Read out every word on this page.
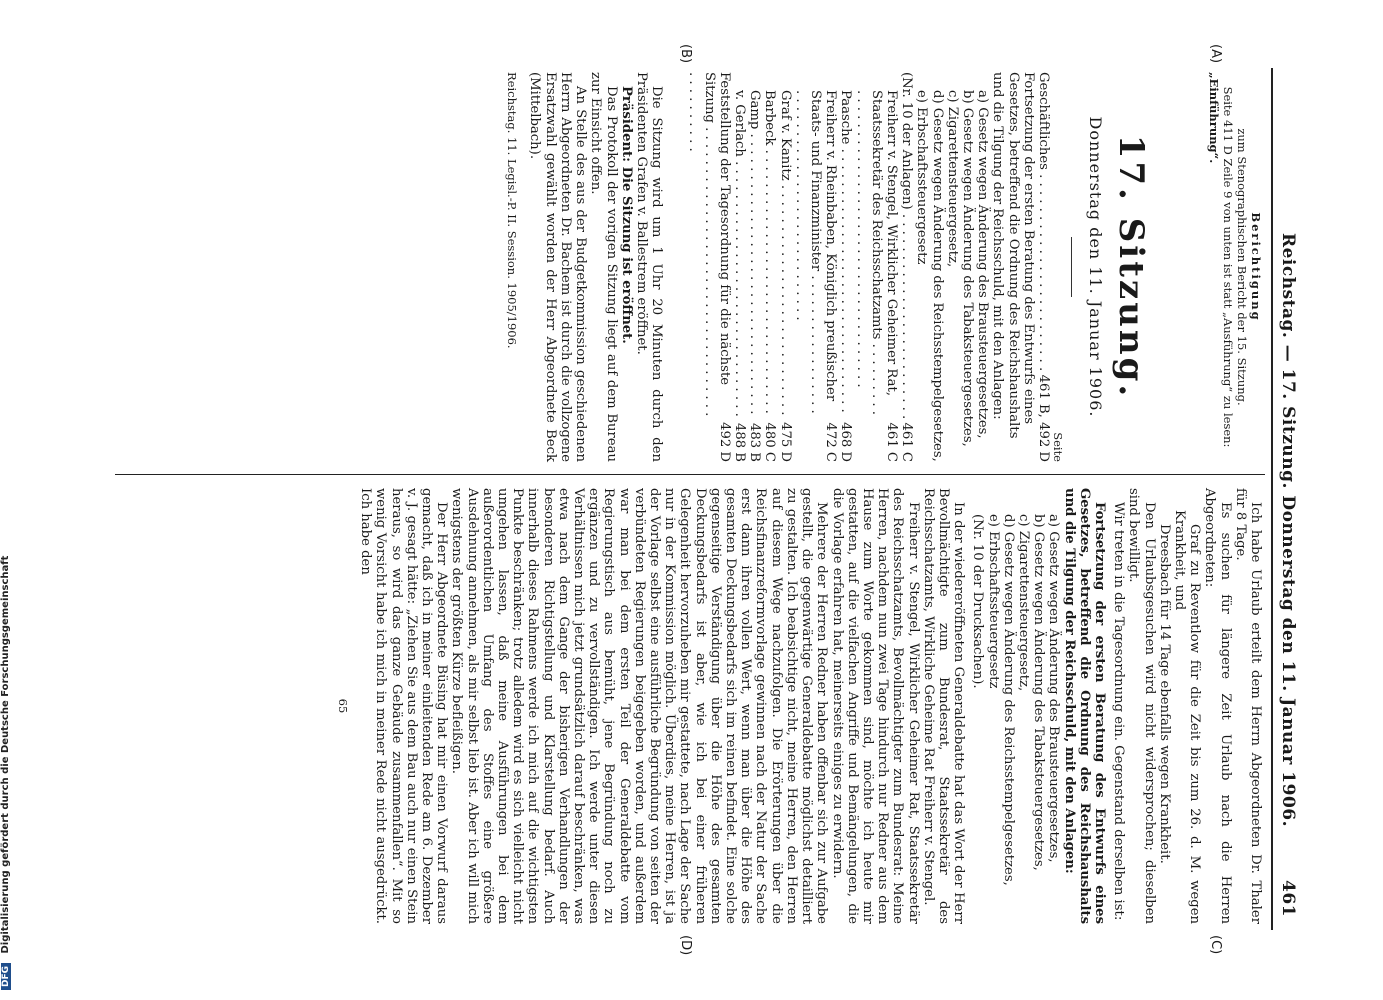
Reichstag. — 17. Sitzung. Donnerstag den 11. Januar 1906.
461
(A)
(B)
(C)
(D)
Berichtigung
zum Stenographischen Bericht der 15. Sitzung.
Seite 411 D Zeile 9 von unten ist statt „Ausführung“ zu lesen:
„Einführung“.
17. Sitzung.
Donnerstag den 11. Januar 1906.
Seite
Geschäftliches . . .
461 B, 492 D
Fortsetzung der ersten Beratung des Entwurfs eines Gesetzes, betreffend die Ordnung des Reichshaushalts und die Tilgung der Reichsschuld, mit den Anlagen:
a) Gesetz wegen Änderung des Brausteuergesetzes,
b) Gesetz wegen Änderung des Tabaksteuergesetzes,
c) Zigarettensteuergesetz,
d) Gesetz wegen Änderung des Reichsstempelgesetzes,
e) Erbschaftssteuergesetz
(Nr. 10 der Anlagen) . . .
461 C
Freiherr v. Stengel, Wirklicher Geheimer Rat, Staatssekretär des Reichsschatzamts . . .
461 C
Paasche . . .
468 D
Freiherr v. Rheinbaben, Königlich preußischer Staats- und Finanzminister . . .
472 C
Graf v. Kanitz . . .
475 D
Barbeck . . .
480 C
Gamp . . .
483 B
v. Gerlach . . .
488 B
Feststellung der Tagesordnung für die nächste Sitzung . . .
492 D

Die Sitzung wird um 1 Uhr 20 Minuten durch den Präsidenten Grafen v. Ballestrem eröffnet.

Präsident: Die Sitzung ist eröffnet.

Das Protokoll der vorigen Sitzung liegt auf dem Bureau zur Einsicht offen.

An Stelle des aus der Budgetkommission geschiedenen Herrn Abgeordneten Dr. Bachem ist durch die vollzogene Ersatzwahl gewählt worden der Herr Abgeordnete Beck (Mittelbach).

Reichstag. 11. Legisl.-P. II. Session. 1905/1906.

Ich habe Urlaub erteilt dem Herrn Abgeordneten Dr. Thaler für 8 Tage.

Es suchen für längere Zeit Urlaub nach die Herren Abgeordneten:

Graf zu Reventlow für die Zeit bis zum 26. d. M. wegen Krankheit, und

Dreesbach für 14 Tage ebenfalls wegen Krankheit.

Den Urlaubsgesuchen wird nicht widersprochen; dieselben sind bewilligt.

Wir treten in die Tagesordnung ein. Gegenstand derselben ist:

Fortsetzung der ersten Beratung des Entwurfs eines Gesetzes, betreffend die Ordnung des Reichshaushalts und die Tilgung der Reichsschuld, mit den Anlagen:

a) Gesetz wegen Änderung des Brausteuergesetzes,
b) Gesetz wegen Änderung des Tabaksteuergesetzes,
c) Zigarettensteuergesetz,
d) Gesetz wegen Änderung des Reichsstempelgesetzes,
e) Erbschaftssteuergesetz
(Nr. 10 der Drucksachen).

In der wiedereröffneten Generaldebatte hat das Wort der Herr Bevollmächtigte zum Bundesrat, Staatssekretär des Reichsschatzamts, Wirkliche Geheime Rat Freiherr v. Stengel.

Freiherr v. Stengel, Wirklicher Geheimer Rat, Staatssekretär des Reichsschatzamts, Bevollmächtigter zum Bundesrat: Meine Herren, nachdem nun zwei Tage hindurch nur Redner aus dem Hause zum Worte gekommen sind, möchte ich heute mir gestatten, auf die vielfachen Angriffe und Bemängelungen, die die Vorlage erfahren hat, meinerseits einiges zu erwidern.

Mehrere der Herren Redner haben offenbar sich zur Aufgabe gestellt, die gegenwärtige Generaldebatte möglichst detailliert zu gestalten. Ich beabsichtige nicht, meine Herren, den Herren auf diesem Wege nachzufolgen. Die Erörterungen über die Reichsfinanzreformvorlage gewinnen nach der Natur der Sache erst dann ihren vollen Wert, wenn man über die Höhe des gesamten Deckungsbedarfs sich im reinen befindet. Eine solche gegenseitige Verständigung über die Höhe des gesamten Deckungsbedarfs ist aber, wie ich bei einer früheren Gelegenheit hervorzuheben mir gestattete, nach Lage der Sache nur in der Kommission möglich. Überdies, meine Herren, ist ja der Vorlage selbst eine ausführliche Begründung von seiten der verbündeten Regierungen beigegeben worden, und außerdem war man bei dem ersten Teil der Generaldebatte vom Regierungstisch aus bemüht, jene Begründung noch zu ergänzen und zu vervollständigen. Ich werde unter diesen Verhältnissen mich jetzt grundsätzlich darauf beschränken, was etwa nach dem Gange der bisherigen Verhandlungen der besonderen Richtigstellung und Klarstellung bedarf. Auch innerhalb dieses Rahmens werde ich mich auf die wichtigsten Punkte beschränken; trotz alledem wird es sich vielleicht nicht umgehen lassen, daß meine Ausführungen bei dem außerordentlichen Umfang des Stoffes eine größere Ausdehnung annehmen, als mir selbst lieb ist. Aber ich will mich wenigstens der größten Kürze befleißigen.

Der Herr Abgeordnete Büsing hat mir einen Vorwurf daraus gemacht, daß ich in meiner einleitenden Rede am 6. Dezember v. J. gesagt hätte: „Ziehen Sie aus dem Bau auch nur einen Stein heraus, so wird das ganze Gebäude zusammenfallen“. Mit so wenig Vorsicht habe ich mich in meiner Rede nicht ausgedrückt. Ich habe den

65
DFG Digitalisierung gefördert durch die Deutsche Forschungsgemeinschaft
